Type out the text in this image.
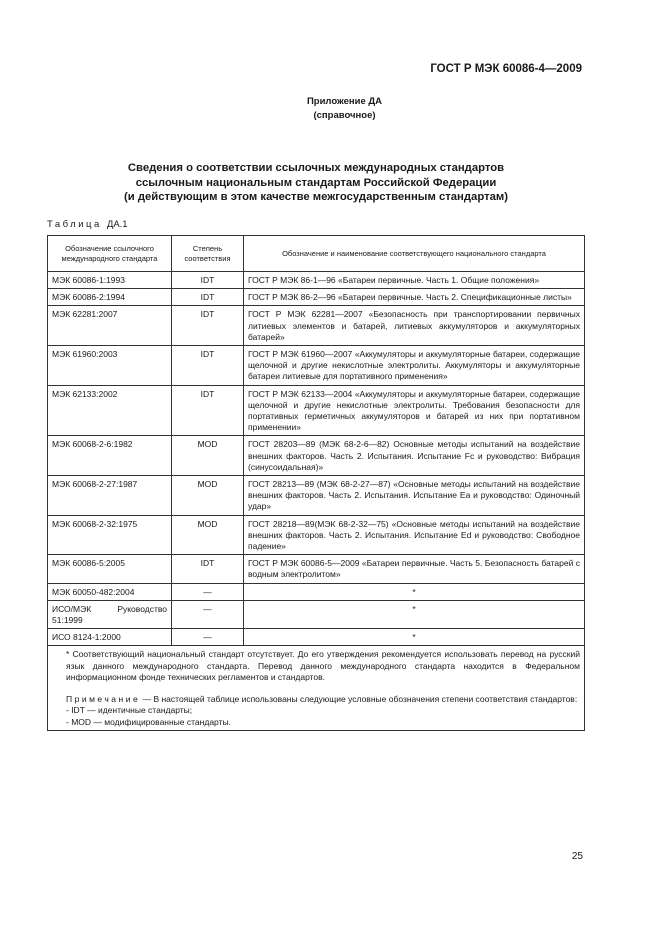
ГОСТ Р МЭК 60086-4—2009
Приложение ДА
(справочное)
Сведения о соответствии ссылочных международных стандартов
ссылочным национальным стандартам Российской Федерации
(и действующим в этом качестве межгосударственным стандартам)
Таблица ДА.1
Обозначение ссылочного международного стандарта	Степень соответствия	Обозначение и наименование соответствующего национального стандарта
МЭК 60086-1:1993	IDT	ГОСТ Р МЭК 86-1—96 «Батареи первичные. Часть 1. Общие положения»
МЭК 60086-2:1994	IDT	ГОСТ Р МЭК 86-2—96 «Батареи первичные. Часть 2. Спецификационные листы»
МЭК 62281:2007	IDT	ГОСТ Р МЭК 62281—2007 «Безопасность при транспортировании первичных литиевых элементов и батарей, литиевых аккумуляторов и аккумуляторных батарей»
МЭК 61960:2003	IDT	ГОСТ Р МЭК 61960—2007 «Аккумуляторы и аккумуляторные батареи, содержащие щелочной и другие некислотные электролиты. Аккумуляторы и аккумуляторные батареи литиевые для портативного применения»
МЭК 62133:2002	IDT	ГОСТ Р МЭК 62133—2004 «Аккумуляторы и аккумуляторные батареи, содержащие щелочной и другие некислотные электролиты. Требования безопасности для портативных герметичных аккумуляторов и батарей из них при портативном применении»
МЭК 60068-2-6:1982	MOD	ГОСТ 28203—89 (МЭК 68-2-6—82) Основные методы испытаний на воздействие внешних факторов. Часть 2. Испытания. Испытание Fc и руководство: Вибрация (синусоидальная)»
МЭК 60068-2-27:1987	MOD	ГОСТ 28213—89 (МЭК 68-2-27—87) «Основные методы испытаний на воздействие внешних факторов. Часть 2. Испытания. Испытание Еа и руководство: Одиночный удар»
МЭК 60068-2-32:1975	MOD	ГОСТ 28218—89(МЭК 68-2-32—75) «Основные методы испытаний на воздействие внешних факторов. Часть 2. Испытания. Испытание Ed и руководство: Свободное падение»
МЭК 60086-5:2005	IDT	ГОСТ Р МЭК 60086-5—2009 «Батареи первичные. Часть 5. Безопасность батарей с водным электролитом»
МЭК 60050-482:2004	—	*
ИСО/МЭК Руководство 51:1999	—	*
ИСО 8124-1:2000	—	*

* Соответствующий национальный стандарт отсутствует. До его утверждения рекомендуется использовать перевод на русский язык данного международного стандарта. Перевод данного международного стандарта находится в Федеральном информационном фонде технических регламентов и стандартов.

Примечание — В настоящей таблице использованы следующие условные обозначения степени соответствия стандартов:

- IDT — идентичные стандарты;

- MOD — модифицированные стандарты.		

25
